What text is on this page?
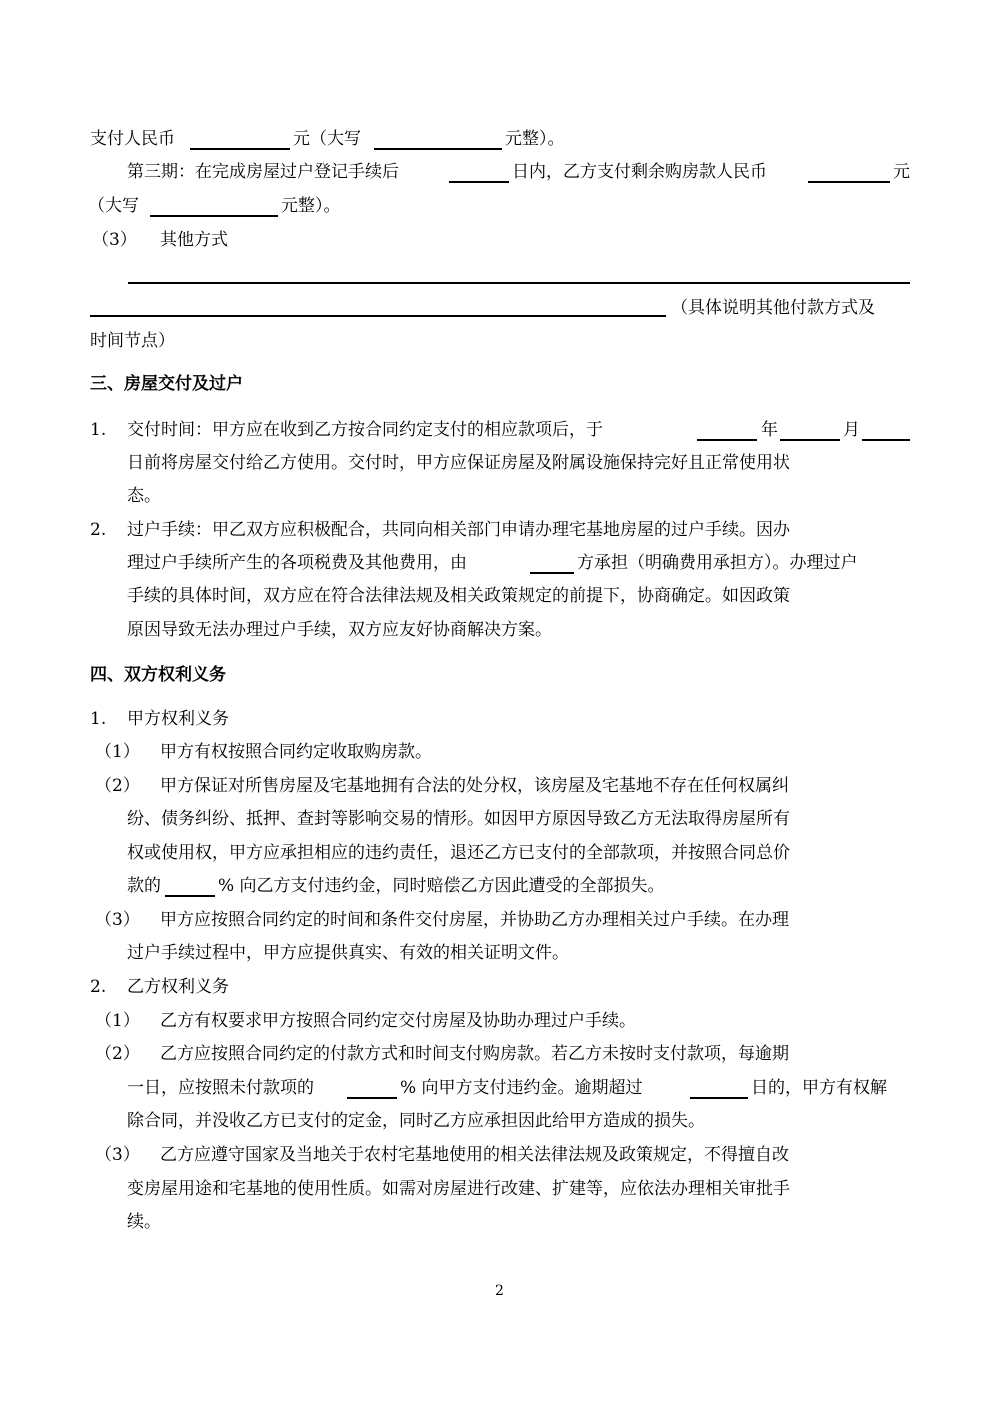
支付人民币	元（大写	元整）。
第三期：在完成房屋过户登记手续后	日内，乙方支付剩余购房款人民币	元
（大写	元整）。
（3） 其他方式
（具体说明其他付款方式及
时间节点）
三、房屋交付及过户
1. 交付时间：甲方应在收到乙方按合同约定支付的相应款项后，于	年	月
日前将房屋交付给乙方使用。交付时，甲方应保证房屋及附属设施保持完好且正常使用状
态。
2. 过户手续：甲乙双方应积极配合，共同向相关部门申请办理宅基地房屋的过户手续。因办
理过户手续所产生的各项税费及其他费用，由	方承担（明确费用承担方）。办理过户
手续的具体时间，双方应在符合法律法规及相关政策规定的前提下，协商确定。如因政策
原因导致无法办理过户手续，双方应友好协商解决方案。
四、双方权利义务
1. 甲方权利义务
（1） 甲方有权按照合同约定收取购房款。
（2） 甲方保证对所售房屋及宅基地拥有合法的处分权，该房屋及宅基地不存在任何权属纠
纷、债务纠纷、抵押、查封等影响交易的情形。如因甲方原因导致乙方无法取得房屋所有
权或使用权，甲方应承担相应的违约责任，退还乙方已支付的全部款项，并按照合同总价
款的	% 向乙方支付违约金，同时赔偿乙方因此遭受的全部损失。
（3） 甲方应按照合同约定的时间和条件交付房屋，并协助乙方办理相关过户手续。在办理
过户手续过程中，甲方应提供真实、有效的相关证明文件。
2. 乙方权利义务
（1） 乙方有权要求甲方按照合同约定交付房屋及协助办理过户手续。
（2） 乙方应按照合同约定的付款方式和时间支付购房款。若乙方未按时支付款项，每逾期
一日，应按照未付款项的	% 向甲方支付违约金。逾期超过	日的，甲方有权解
除合同，并没收乙方已支付的定金，同时乙方应承担因此给甲方造成的损失。
（3） 乙方应遵守国家及当地关于农村宅基地使用的相关法律法规及政策规定，不得擅自改
变房屋用途和宅基地的使用性质。如需对房屋进行改建、扩建等，应依法办理相关审批手
续。
2
